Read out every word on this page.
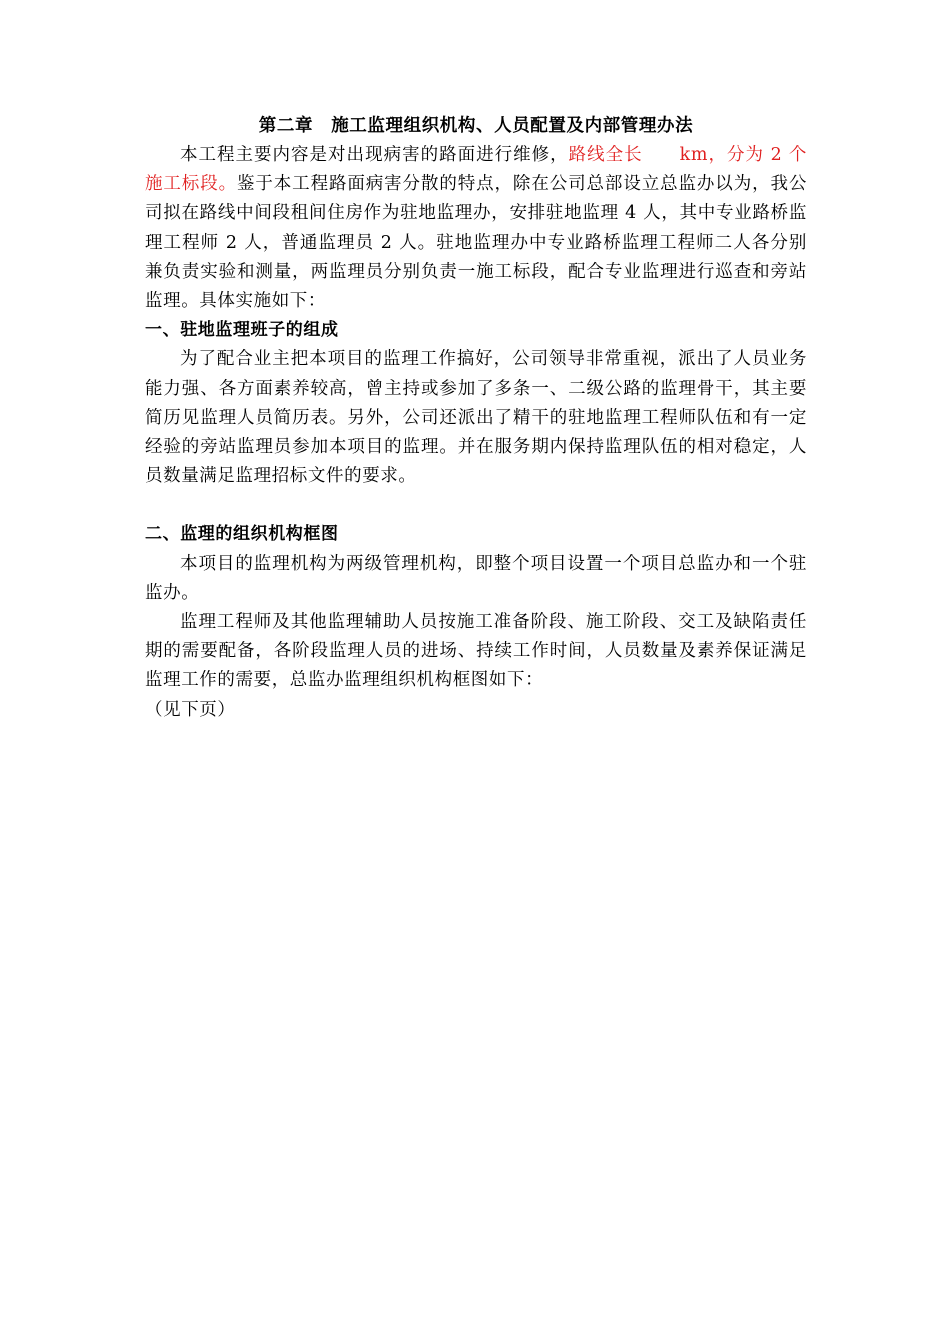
第二章　施工监理组织机构、人员配置及内部管理办法

本工程主要内容是对出现病害的路面进行维修，路线全长　　km，分为 2 个施工标段。鉴于本工程路面病害分散的特点，除在公司总部设立总监办以为，我公司拟在路线中间段租间住房作为驻地监理办，安排驻地监理 4 人，其中专业路桥监理工程师 2 人，普通监理员 2 人。驻地监理办中专业路桥监理工程师二人各分别兼负责实验和测量，两监理员分别负责一施工标段，配合专业监理进行巡查和旁站监理。具体实施如下：

一、驻地监理班子的组成

为了配合业主把本项目的监理工作搞好，公司领导非常重视，派出了人员业务能力强、各方面素养较高，曾主持或参加了多条一、二级公路的监理骨干，其主要简历见监理人员简历表。另外，公司还派出了精干的驻地监理工程师队伍和有一定经验的旁站监理员参加本项目的监理。并在服务期内保持监理队伍的相对稳定，人员数量满足监理招标文件的要求。

二、监理的组织机构框图

本项目的监理机构为两级管理机构，即整个项目设置一个项目总监办和一个驻监办。

监理工程师及其他监理辅助人员按施工准备阶段、施工阶段、交工及缺陷责任期的需要配备，各阶段监理人员的进场、持续工作时间，人员数量及素养保证满足监理工作的需要，总监办监理组织机构框图如下：

（见下页）
